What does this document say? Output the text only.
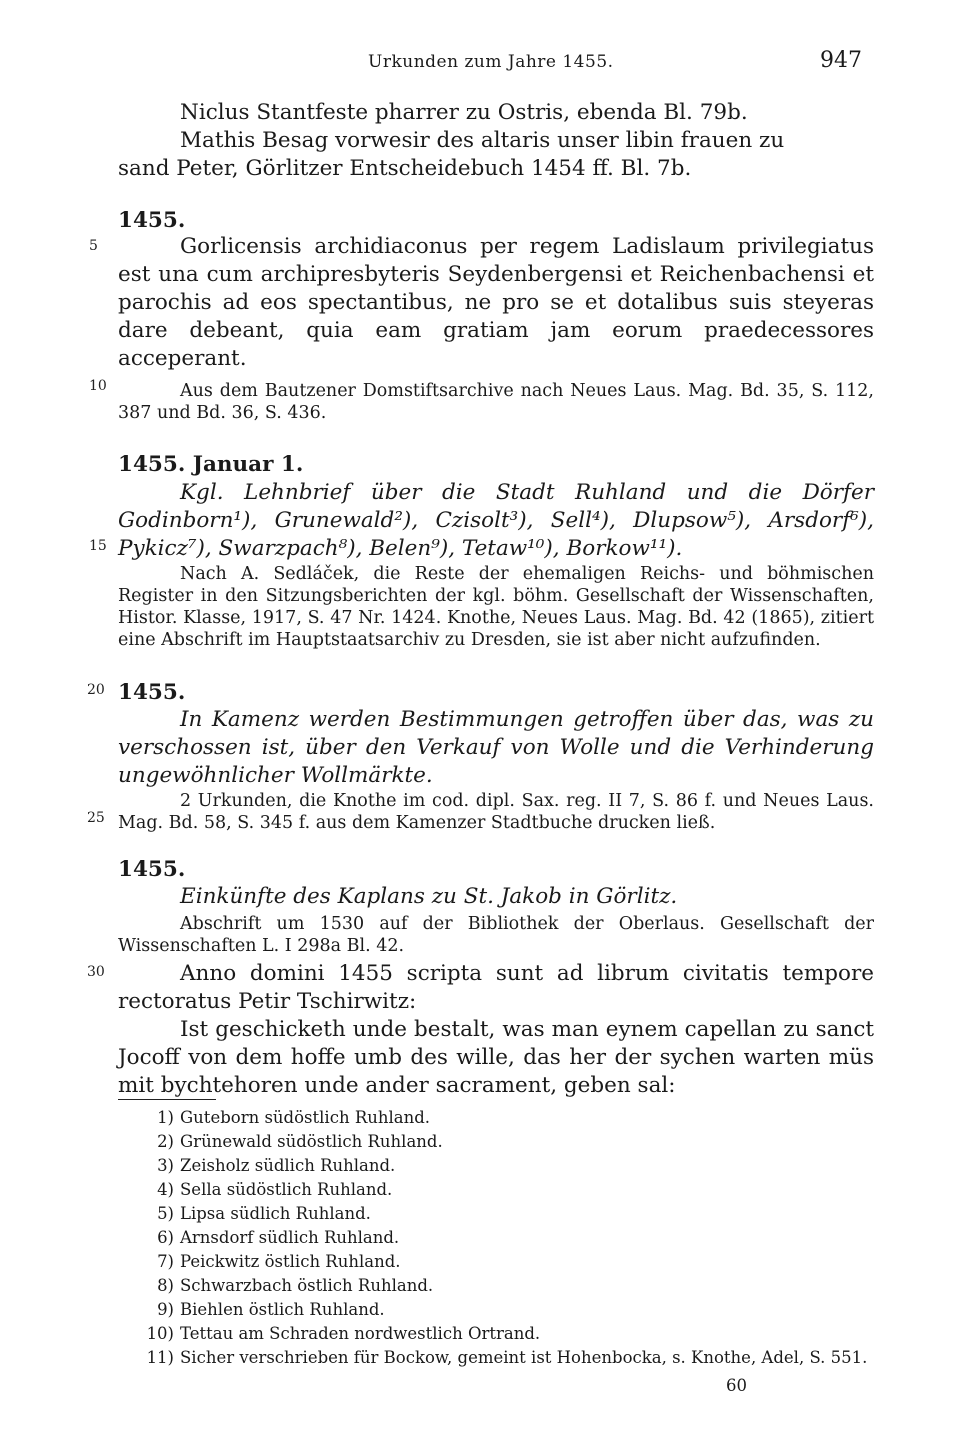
Urkunden zum Jahre 1455.	947
Niclus Stantfeste pharrer zu Ostris, ebenda Bl. 79b.
Mathis Besag vorwesir des altaris unser libin frauen zu
sand Peter, Görlitzer Entscheidebuch 1454 ff. Bl. 7b.
5
10
15
20
25
30
1455.
Gorlicensis archidiaconus per regem Ladislaum privilegiatus est una cum archipresbyteris Seydenbergensi et Reichenbachensi et parochis ad eos spectantibus, ne pro se et dotalibus suis steyeras dare debeant, quia eam gratiam jam eorum praedecessores acceperant.
Aus dem Bautzener Domstiftsarchive nach Neues Laus. Mag. Bd. 35, S. 112, 387 und Bd. 36, S. 436.
1455. Januar 1.
Kgl. Lehnbrief über die Stadt Ruhland und die Dörfer Godinborn¹), Grunewald²), Czisolt³), Sell⁴), Dlupsow⁵), Arsdorf⁶), Pykicz⁷), Swarzpach⁸), Belen⁹), Tetaw¹⁰), Borkow¹¹).
Nach A. Sedláček, die Reste der ehemaligen Reichs- und böhmischen Register in den Sitzungsberichten der kgl. böhm. Gesellschaft der Wissenschaften, Histor. Klasse, 1917, S. 47 Nr. 1424. Knothe, Neues Laus. Mag. Bd. 42 (1865), zitiert eine Abschrift im Hauptstaatsarchiv zu Dresden, sie ist aber nicht aufzufinden.
1455.
In Kamenz werden Bestimmungen getroffen über das, was zu verschossen ist, über den Verkauf von Wolle und die Verhinderung ungewöhnlicher Wollmärkte.
2 Urkunden, die Knothe im cod. dipl. Sax. reg. II 7, S. 86 f. und Neues Laus. Mag. Bd. 58, S. 345 f. aus dem Kamenzer Stadtbuche drucken ließ.
1455.
Einkünfte des Kaplans zu St. Jakob in Görlitz.
Abschrift um 1530 auf der Bibliothek der Oberlaus. Gesellschaft der Wissenschaften L. I 298a Bl. 42.
Anno domini 1455 scripta sunt ad librum civitatis tempore rectoratus Petir Tschirwitz:
Ist geschicketh unde bestalt, was man eynem capellan zu sanct Jocoff von dem hoffe umb des wille, das her der sychen warten müs mit bychtehoren unde ander sacrament, geben sal:
1) Guteborn südöstlich Ruhland.
2) Grünewald südöstlich Ruhland.
3) Zeisholz südlich Ruhland.
4) Sella südöstlich Ruhland.
5) Lipsa südlich Ruhland.
6) Arnsdorf südlich Ruhland.
7) Peickwitz östlich Ruhland.
8) Schwarzbach östlich Ruhland.
9) Biehlen östlich Ruhland.
10) Tettau am Schraden nordwestlich Ortrand.
11) Sicher verschrieben für Bockow, gemeint ist Hohenbocka, s. Knothe, Adel, S. 551.
60
